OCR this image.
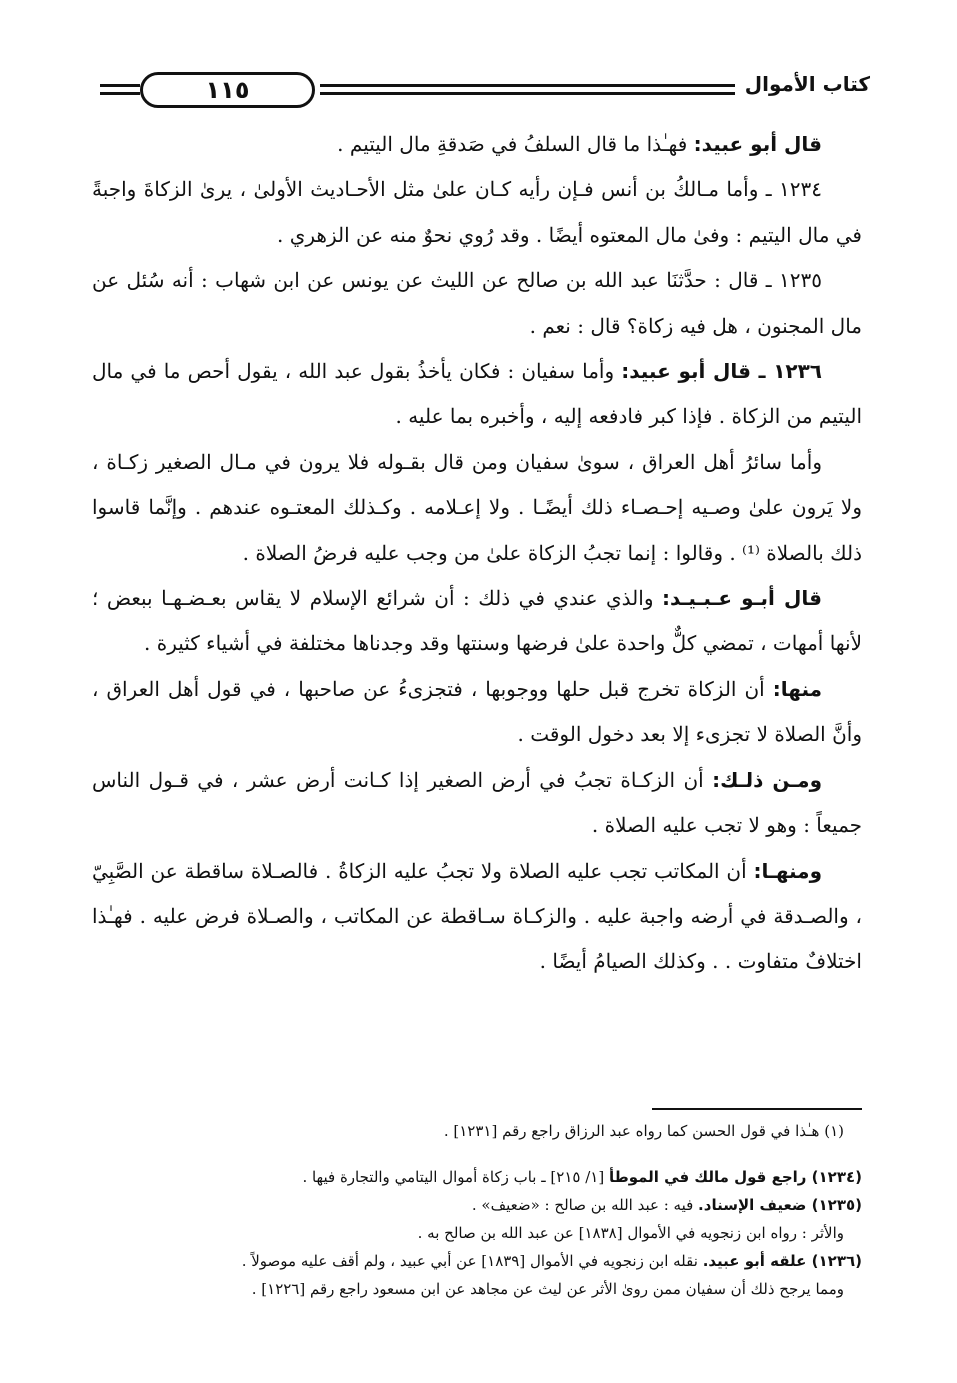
كتاب الأموال
١١٥

قال أبو عبيد: فهـٰذا ما قال السلفُ في صَدقةِ مال اليتيم .

١٢٣٤ ـ وأما مـالكُ بن أنس فـإن رأيه كـان علىٰ مثل الأحـاديث الأولىٰ ، يرىٰ الزكاةَ واجبةً في مال اليتيم : وفىٰ مال المعتوه أيضًا . وقد رُوي نحوٌ منه عن الزهري .

١٢٣٥ ـ قال : حدَّثنَا عبد الله بن صالح عن الليث عن يونس عن ابن شهاب : أنه سُئل عن مال المجنون ، هل فيه زكاة؟ قال : نعم .

١٢٣٦ ـ قال أبو عبيد: وأما سفيان : فكان يأخذُ بقول عبد الله ، يقول أحص ما في مال اليتيم من الزكاة . فإذا كبر فادفعه إليه ، وأخبره بما عليه .

وأما سائرُ أهل العراق ، سوىٰ سفيان ومن قال بقـوله فلا يرون في مـال الصغير زكـاة ، ولا يَرون علىٰ وصـيه إحـصـاء ذلك أيضًـا . ولا إعـلامه . وكـذلك المعتـوه عندهم . وإنَّما قاسوا ذلك بالصلاة ⁽¹⁾ . وقالوا : إنما تجبُ الزكاة علىٰ من وجب عليه فرضُ الصلاة .

قال أبـو عـبـيـد: والذي عندي في ذلك : أن شرائع الإسلام لا يقاس بعـضـهـا ببعض ؛ لأنها أمهات ، تمضي كلٌّ واحدة علىٰ فرضها وسنتها وقد وجدناها مختلفة في أشياء كثيرة .

منها: أن الزكاة تخرج قبل حلها ووجوبها ، فتجزىءُ عن صاحبها ، في قول أهل العراق ، وأنَّ الصلاة لا تجزىء إلا بعد دخول الوقت .

ومـن ذلـك: أن الزكـاة تجبُ في أرض الصغير إذا كـانت أرض عشر ، في قـول الناس جميعاً : وهو لا تجب عليه الصلاة .

ومنهـا: أن المكاتب تجب عليه الصلاة ولا تجبُ عليه الزكاةُ . فالصـلاة ساقطة عن الصَّبِيّ ، والصـدقة في أرضه واجبة عليه . والزكـاة سـاقطة عن المكاتب ، والصـلاة فرض عليه . فهـٰذا اختلافٌ متفاوت . . وكذلك الصيامُ أيضًا .

(١) هـٰذا في قول الحسن كما رواه عبد الرزاق راجع رقم [١٢٣١] .

(١٢٣٤) راجع قول مالك في الموطأ [١/ ٢١٥] ـ باب زكاة أموال اليتامي والتجارة فيها .

(١٢٣٥) ضعيف الإسناد. فيه : عبد الله بن صالح : «ضعيف» .

والأثر : رواه ابن زنجويه في الأموال [١٨٣٨] عن عبد الله بن صالح به .

(١٢٣٦) علقه أبو عبيد. نقله ابن زنجويه في الأموال [١٨٣٩] عن أبي عبيد ، ولم أقف عليه موصولاً .

ومما يرجح ذلك أن سفيان ممن روىٰ الأثر عن ليث عن مجاهد عن ابن مسعود راجع رقم [١٢٢٦] .
